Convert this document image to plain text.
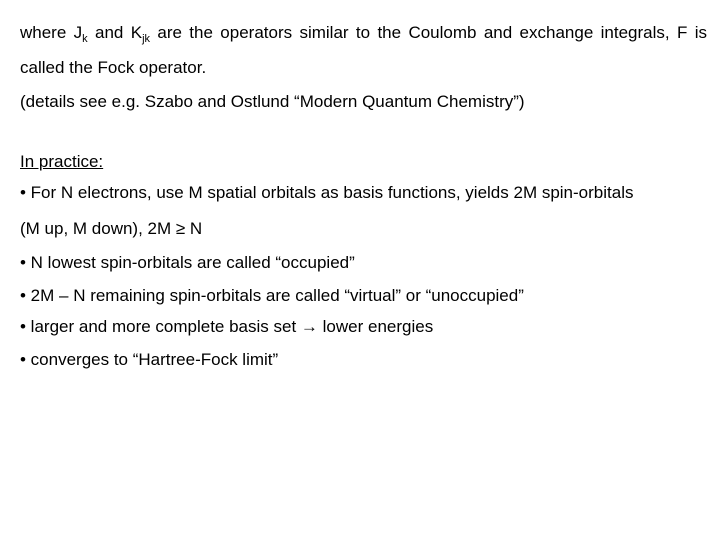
where $J_k$ and $K_{jk}$ are the operators similar to the Coulomb and exchange integrals, F is
called the Fock operator.
(details see e.g. Szabo and Ostlund “Modern Quantum Chemistry”)
In practice:
• For N electrons, use M spatial orbitals as basis functions, yields 2M spin-orbitals
(M up, M down), 2M ≥ N
• N lowest spin-orbitals are called “occupied”
• 2M – N remaining spin-orbitals are called “virtual” or “unoccupied”
• larger and more complete basis set → lower energies
• converges to “Hartree-Fock limit”
